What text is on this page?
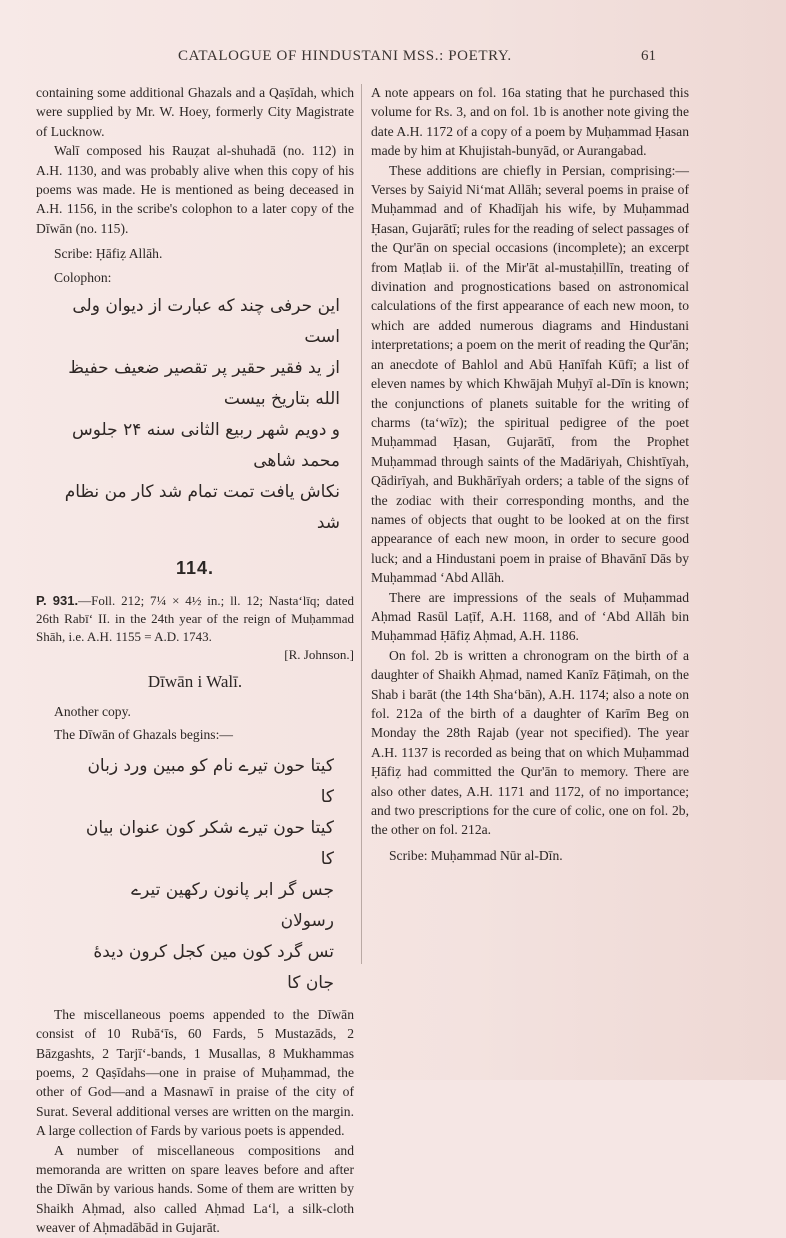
CATALOGUE OF HINDUSTANI MSS.: POETRY.	61

containing some additional Ghazals and a Qaṣīdah, which were supplied by Mr. W. Hoey, formerly City Magistrate of Lucknow.

Walī composed his Rauẓat al-shuhadā (no. 112) in A.H. 1130, and was probably alive when this copy of his poems was made. He is mentioned as being deceased in A.H. 1156, in the scribe's colophon to a later copy of the Dīwān (no. 115).

Scribe: Ḥāfiẓ Allāh.

Colophon:

این حرفی چند که عبارت از دیوان ولی است
از ید فقیر حقیر پر تقصیر ضعیف حفیظ الله بتاریخ بیست
و دویم شهر ربیع الثانی سنه ۲۴ جلوس محمد شاهی
نکاش یافت تمت تمام شد کار من نظام شد
114.

P. 931.—Foll. 212; 7¼ × 4½ in.; ll. 12; Nastaʻlīq; dated 26th Rabīʻ II. in the 24th year of the reign of Muḥammad Shāh, i.e. A.H. 1155 = A.D. 1743.

[R. Johnson.]
Dīwān i Walī.

Another copy.

The Dīwān of Ghazals begins:—

کیتا حون تیرے نام کو مبین ورد زبان کا
کیتا حون تیرے شکر کون عنوان بیان کا
جس گر ابر پانون رکهین تیرے رسولان
تس گرد کون مین کجل کرون دیدهٔ جان کا

The miscellaneous poems appended to the Dīwān consist of 10 Rubāʻīs, 60 Fards, 5 Mustazāds, 2 Bāzgashts, 2 Tarjīʻ-bands, 1 Musallas, 8 Mukhammas poems, 2 Qaṣīdahs—one in praise of Muḥammad, the other of God—and a Masnawī in praise of the city of Surat. Several additional verses are written on the margin. A large collection of Fards by various poets is appended.

A number of miscellaneous compositions and memoranda are written on spare leaves before and after the Dīwān by various hands. Some of them are written by Shaikh Aḥmad, also called Aḥmad Laʻl, a silk-cloth weaver of Aḥmadābād in Gujarāt.

A note appears on fol. 16a stating that he purchased this volume for Rs. 3, and on fol. 1b is another note giving the date A.H. 1172 of a copy of a poem by Muḥammad Ḥasan made by him at Khujistah-bunyād, or Aurangabad.

These additions are chiefly in Persian, comprising:—Verses by Saiyid Niʻmat Allāh; several poems in praise of Muḥammad and of Khadījah his wife, by Muḥammad Ḥasan, Gujarātī; rules for the reading of select passages of the Qur'ān on special occasions (incomplete); an excerpt from Maṭlab ii. of the Mir'āt al-mustaḥillīn, treating of divination and prognostications based on astronomical calculations of the first appearance of each new moon, to which are added numerous diagrams and Hindustani interpretations; a poem on the merit of reading the Qur'ān; an anecdote of Bahlol and Abū Ḥanīfah Kūfī; a list of eleven names by which Khwājah Muḥyī al-Dīn is known; the conjunctions of planets suitable for the writing of charms (taʻwīz); the spiritual pedigree of the poet Muḥammad Ḥasan, Gujarātī, from the Prophet Muḥammad through saints of the Madāriyah, Chishtīyah, Qādirīyah, and Bukhārīyah orders; a table of the signs of the zodiac with their corresponding months, and the names of objects that ought to be looked at on the first appearance of each new moon, in order to secure good luck; and a Hindustani poem in praise of Bhavānī Dās by Muḥammad ʻAbd Allāh.

There are impressions of the seals of Muḥammad Aḥmad Rasūl Laṭīf, A.H. 1168, and of ʻAbd Allāh bin Muḥammad Ḥāfiẓ Aḥmad, A.H. 1186.

On fol. 2b is written a chronogram on the birth of a daughter of Shaikh Aḥmad, named Kanīz Fāṭimah, on the Shab i barāt (the 14th Shaʻbān), A.H. 1174; also a note on fol. 212a of the birth of a daughter of Karīm Beg on Monday the 28th Rajab (year not specified). The year A.H. 1137 is recorded as being that on which Muḥammad Ḥāfiẓ had committed the Qur'ān to memory. There are also other dates, A.H. 1171 and 1172, of no importance; and two prescriptions for the cure of colic, one on fol. 2b, the other on fol. 212a.

Scribe: Muḥammad Nūr al-Dīn.
